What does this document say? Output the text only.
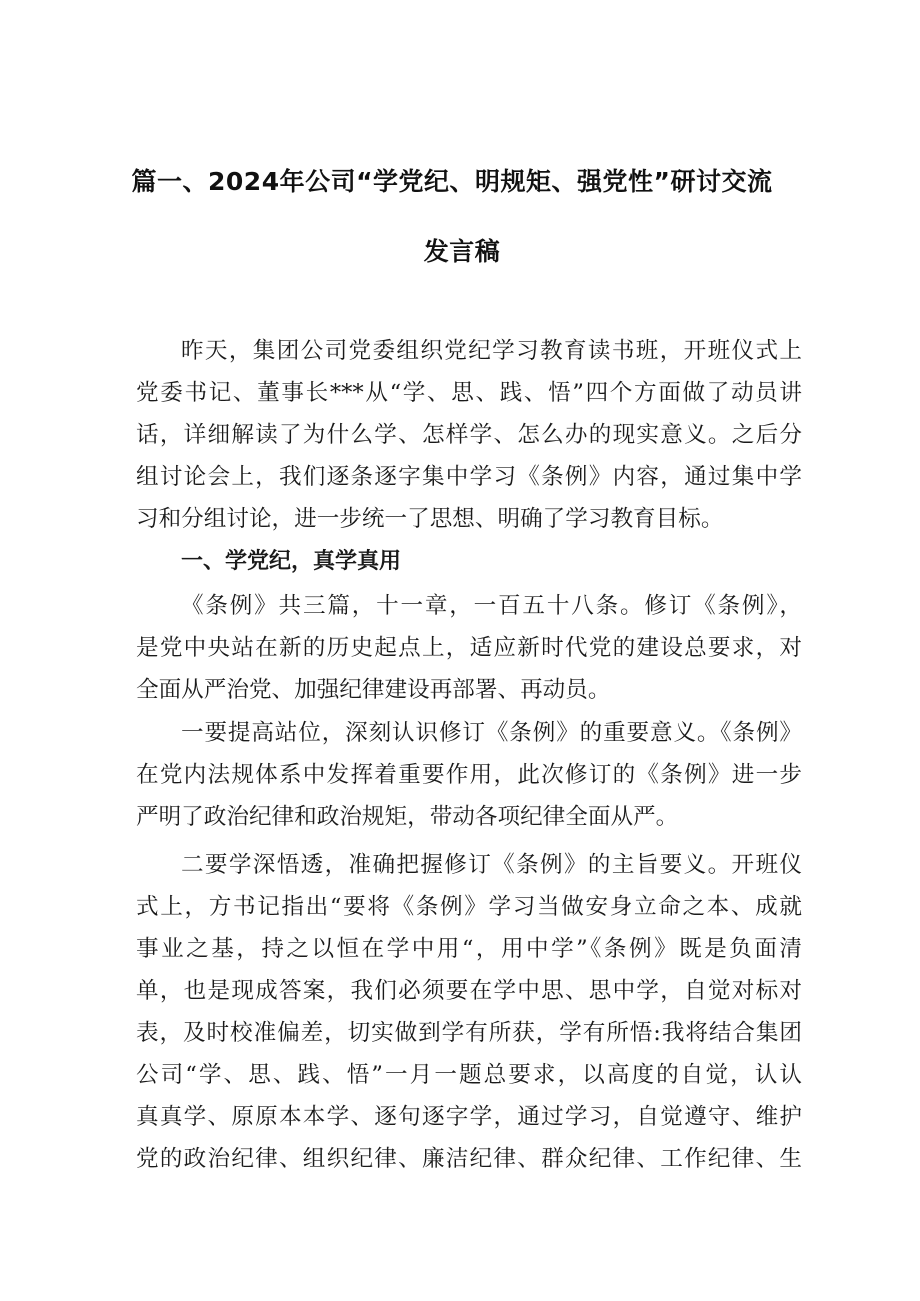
篇一、2024年公司“学党纪、明规矩、强党性”研讨交流
发言稿
昨天，集团公司党委组织党纪学习教育读书班，开班仪式上
党委书记、董事长***从“学、思、践、悟”四个方面做了动员讲
话，详细解读了为什么学、怎样学、怎么办的现实意义。之后分
组讨论会上，我们逐条逐字集中学习《条例》内容，通过集中学
习和分组讨论，进一步统一了思想、明确了学习教育目标。
一、学党纪，真学真用
《条例》共三篇，十一章，一百五十八条。修订《条例》，
是党中央站在新的历史起点上，适应新时代党的建设总要求，对
全面从严治党、加强纪律建设再部署、再动员。
一要提高站位，深刻认识修订《条例》的重要意义。《条例》
在党内法规体系中发挥着重要作用，此次修订的《条例》进一步
严明了政治纪律和政治规矩，带动各项纪律全面从严。
二要学深悟透，准确把握修订《条例》的主旨要义。开班仪
式上，方书记指出“要将《条例》学习当做安身立命之本、成就
事业之基，持之以恒在学中用“，用中学”《条例》既是负面清
单，也是现成答案，我们必须要在学中思、思中学，自觉对标对
表，及时校准偏差，切实做到学有所获，学有所悟:我将结合集团
公司“学、思、践、悟”一月一题总要求，以高度的自觉，认认
真真学、原原本本学、逐句逐字学，通过学习，自觉遵守、维护
党的政治纪律、组织纪律、廉洁纪律、群众纪律、工作纪律、生
